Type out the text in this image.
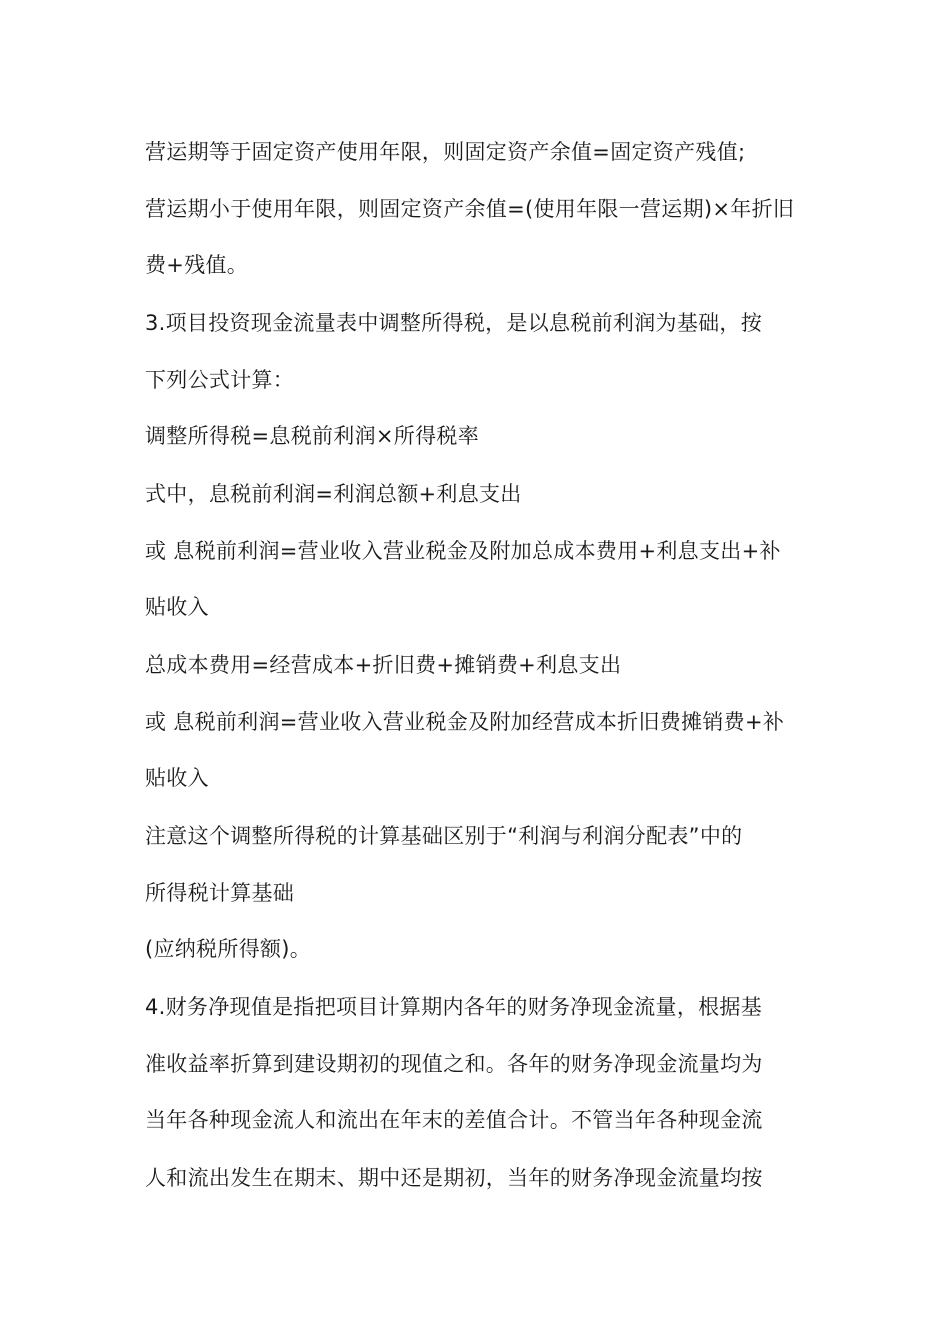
营运期等于固定资产使用年限，则固定资产余值=固定资产残值;
营运期小于使用年限，则固定资产余值=(使用年限一营运期)×年折旧
费+残值。
3.项目投资现金流量表中调整所得税，是以息税前利润为基础，按
下列公式计算：
调整所得税=息税前利润×所得税率
式中，息税前利润=利润总额+利息支出
或 息税前利润=营业收入营业税金及附加总成本费用+利息支出+补
贴收入
总成本费用=经营成本+折旧费+摊销费+利息支出
或 息税前利润=营业收入营业税金及附加经营成本折旧费摊销费+补
贴收入
注意这个调整所得税的计算基础区别于“利润与利润分配表”中的
所得税计算基础
(应纳税所得额)。
4.财务净现值是指把项目计算期内各年的财务净现金流量，根据基
准收益率折算到建设期初的现值之和。各年的财务净现金流量均为
当年各种现金流人和流出在年末的差值合计。不管当年各种现金流
人和流出发生在期末、期中还是期初，当年的财务净现金流量均按
